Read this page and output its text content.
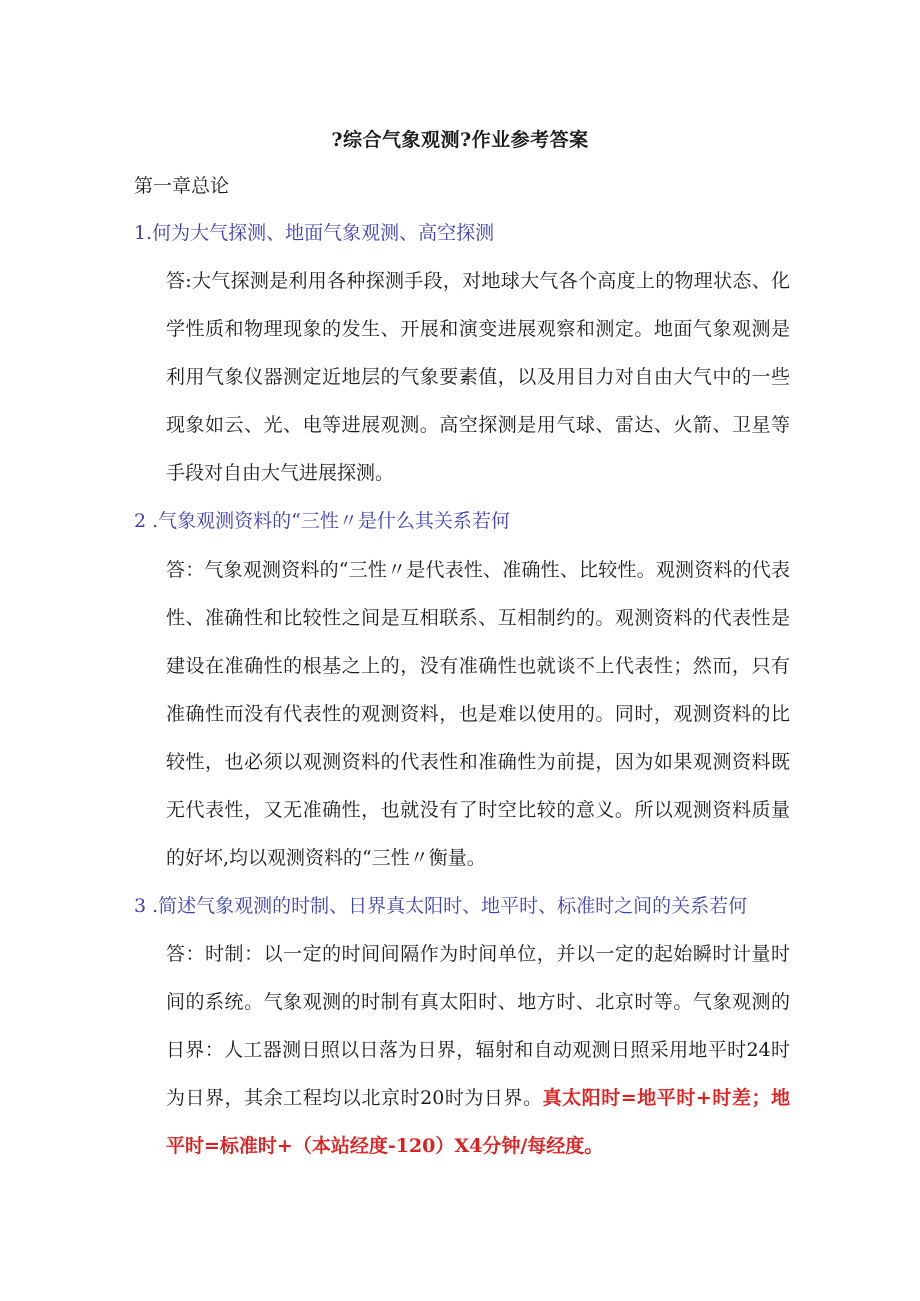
?综合气象观测?作业参考答案
第一章总论
1.何为大气探测、地面气象观测、高空探测

答:大气探测是利用各种探测手段，对地球大气各个高度上的物理状态、化学性质和物理现象的发生、开展和演变进展观察和测定。地面气象观测是利用气象仪器测定近地层的气象要素值，以及用目力对自由大气中的一些现象如云、光、电等进展观测。高空探测是用气球、雷达、火箭、卫星等手段对自由大气进展探测。

2 .气象观测资料的“三性〃是什么其关系若何

答：气象观测资料的“三性〃是代表性、准确性、比较性。观测资料的代表性、准确性和比较性之间是互相联系、互相制约的。观测资料的代表性是建设在准确性的根基之上的，没有准确性也就谈不上代表性；然而，只有准确性而没有代表性的观测资料，也是难以使用的。同时，观测资料的比较性，也必须以观测资料的代表性和准确性为前提，因为如果观测资料既无代表性，又无准确性，也就没有了时空比较的意义。所以观测资料质量的好坏,均以观测资料的“三性〃衡量。

3 .简述气象观测的时制、日界真太阳时、地平时、标准时之间的关系若何

答：时制：以一定的时间间隔作为时间单位，并以一定的起始瞬时计量时间的系统。气象观测的时制有真太阳时、地方时、北京时等。气象观测的日界：人工器测日照以日落为日界，辐射和自动观测日照采用地平时24时为日界，其余工程均以北京时20时为日界。真太阳时=地平时+时差；地平时=标准时+（本站经度-120）X4分钟/每经度。
